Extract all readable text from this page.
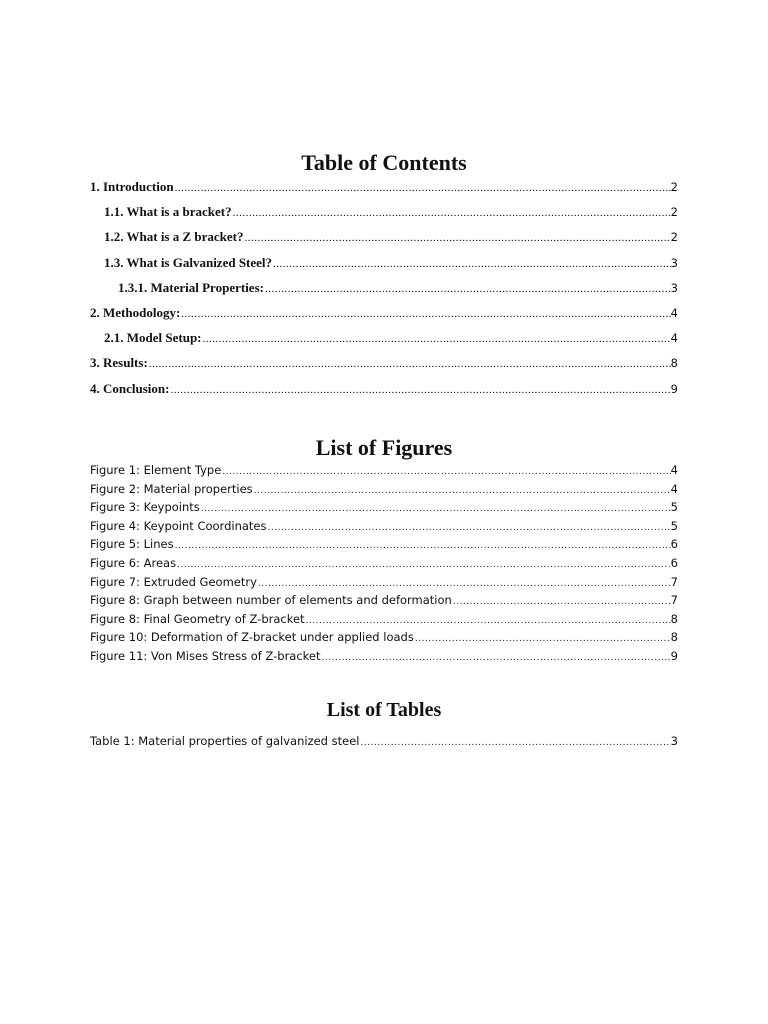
Table of Contents
1. Introduction .....	2
1.1. What is a bracket? .....	2
1.2. What is a Z bracket? .....	2
1.3. What is Galvanized Steel? .....	3
1.3.1. Material Properties: .....	3
2. Methodology: .....	4
2.1. Model Setup: .....	4
3. Results: .....	8
4. Conclusion: .....	9
List of Figures
Figure 1: Element Type .....	4
Figure 2: Material properties .....	4
Figure 3: Keypoints .....	5
Figure 4: Keypoint Coordinates .....	5
Figure 5: Lines .....	6
Figure 6: Areas .....	6
Figure 7: Extruded Geometry .....	7
Figure 8: Graph between number of elements and deformation .....	7
Figure 8: Final Geometry of Z-bracket .....	8
Figure 10: Deformation of Z-bracket under applied loads .....	8
Figure 11: Von Mises Stress of Z-bracket .....	9
List of Tables
Table 1: Material properties of galvanized steel .....	3
